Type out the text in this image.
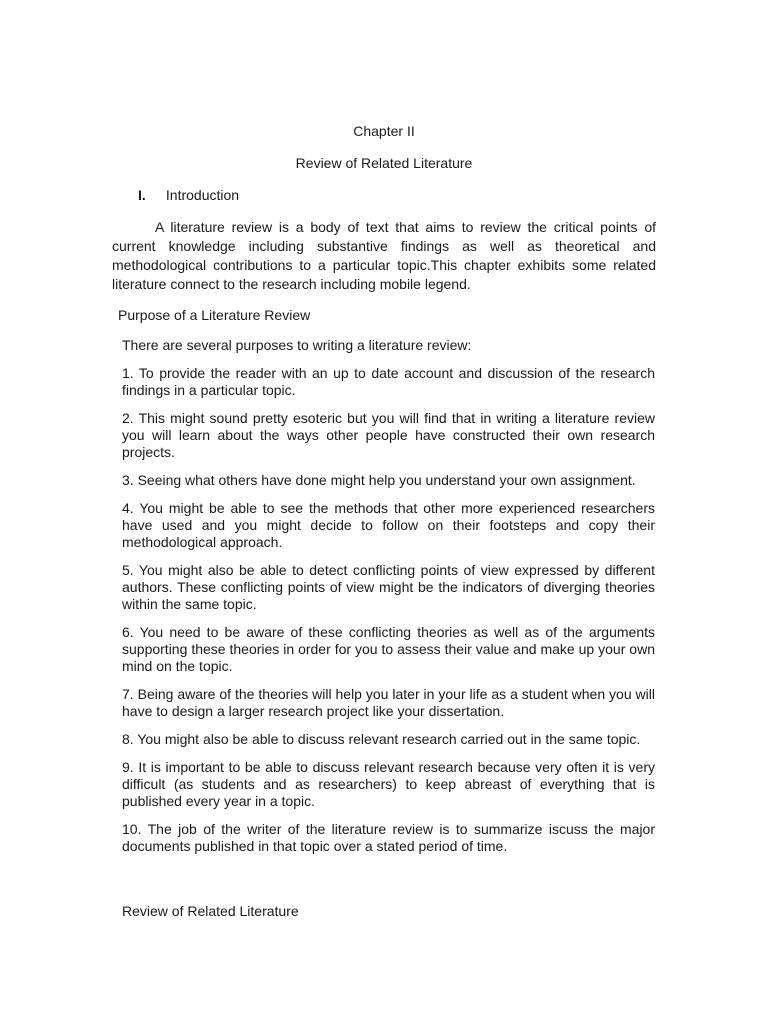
Chapter II
Review of Related Literature
I. Introduction

A literature review is a body of text that aims to review the critical points of current knowledge including substantive findings as well as theoretical and methodological contributions to a particular topic.This chapter exhibits some related literature connect to the research including mobile legend.

Purpose of a Literature Review

There are several purposes to writing a literature review:

1. To provide the reader with an up to date account and discussion of the research findings in a particular topic.

2. This might sound pretty esoteric but you will find that in writing a literature review you will learn about the ways other people have constructed their own research projects.

3. Seeing what others have done might help you understand your own assignment.

4. You might be able to see the methods that other more experienced researchers have used and you might decide to follow on their footsteps and copy their methodological approach.

5. You might also be able to detect conflicting points of view expressed by different authors. These conflicting points of view might be the indicators of diverging theories within the same topic.

6. You need to be aware of these conflicting theories as well as of the arguments supporting these theories in order for you to assess their value and make up your own mind on the topic.

7. Being aware of the theories will help you later in your life as a student when you will have to design a larger research project like your dissertation.

8. You might also be able to discuss relevant research carried out in the same topic.

9. It is important to be able to discuss relevant research because very often it is very difficult (as students and as researchers) to keep abreast of everything that is published every year in a topic.

10. The job of the writer of the literature review is to summarize iscuss the major documents published in that topic over a stated period of time.

Review of Related Literature
